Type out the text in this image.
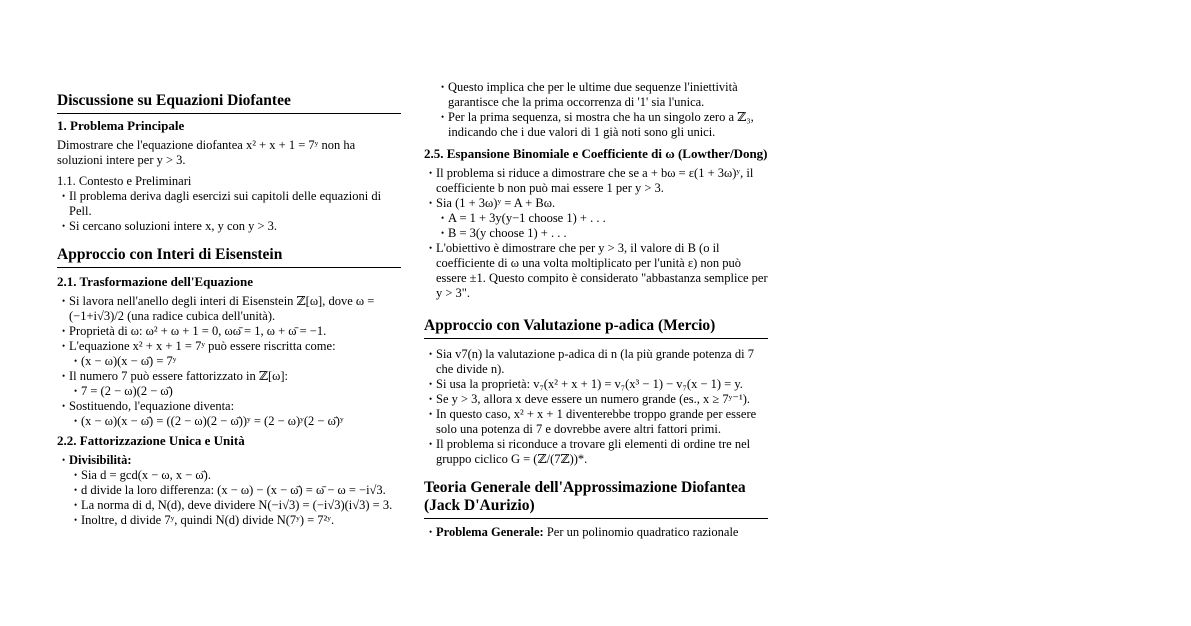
Discussione su Equazioni Diofantee
1. Problema Principale

Dimostrare che l'equazione diofantea x² + x + 1 = 7ʸ non ha soluzioni intere per y > 3.

1.1. Contesto e Preliminari

• Il problema deriva dagli esercizi sui capitoli delle equazioni di Pell.
• Si cercano soluzioni intere x, y con y > 3.
Approccio con Interi di Eisenstein
2.1. Trasformazione dell'Equazione
• Si lavora nell'anello degli interi di Eisenstein ℤ[ω], dove ω = (−1+i√3)/2 (una radice cubica dell'unità).
• Proprietà di ω: ω² + ω + 1 = 0, ωω̄ = 1, ω + ω̄ = −1.
• L'equazione x² + x + 1 = 7ʸ può essere riscritta come:
• (x − ω)(x − ω̄) = 7ʸ
• Il numero 7 può essere fattorizzato in ℤ[ω]:
• 7 = (2 − ω)(2 − ω̄)
• Sostituendo, l'equazione diventa:
• (x − ω)(x − ω̄) = ((2 − ω)(2 − ω̄))ʸ = (2 − ω)ʸ(2 − ω̄)ʸ
2.2. Fattorizzazione Unica e Unità
• Divisibilità:
• Sia d = gcd(x − ω, x − ω̄).
• d divide la loro differenza: (x − ω) − (x − ω̄) = ω̄ − ω = −i√3.
• La norma di d, N(d), deve dividere N(−i√3) = (−i√3)(i√3) = 3.
• Inoltre, d divide 7ʸ, quindi N(d) divide N(7ʸ) = 7²ʸ.
• Questo implica che per le ultime due sequenze l'iniettività garantisce che la prima occorrenza di '1' sia l'unica.
• Per la prima sequenza, si mostra che ha un singolo zero a ℤ₃, indicando che i due valori di 1 già noti sono gli unici.
2.5. Espansione Binomiale e Coefficiente di ω (Lowther/Dong)
• Il problema si riduce a dimostrare che se a + bω = ε(1 + 3ω)ʸ, il coefficiente b non può mai essere 1 per y > 3.
• Sia (1 + 3ω)ʸ = A + Bω.
• A = 1 + 3y(y−1 choose 1) + . . .
• B = 3(y choose 1) + . . .
• L'obiettivo è dimostrare che per y > 3, il valore di B (o il coefficiente di ω una volta moltiplicato per l'unità ε) non può essere ±1. Questo compito è considerato "abbastanza semplice per y > 3".
Approccio con Valutazione p-adica (Mercio)
• Sia v7(n) la valutazione p-adica di n (la più grande potenza di 7 che divide n).
• Si usa la proprietà: v₇(x² + x + 1) = v₇(x³ − 1) − v₇(x − 1) = y.
• Se y > 3, allora x deve essere un numero grande (es., x ≥ 7ʸ⁻¹).
• In questo caso, x² + x + 1 diventerebbe troppo grande per essere solo una potenza di 7 e dovrebbe avere altri fattori primi.
• Il problema si riconduce a trovare gli elementi di ordine tre nel gruppo ciclico G = (ℤ/(7ℤ))*.
Teoria Generale dell'Approssimazione Diofantea (Jack D'Aurizio)
• Problema Generale: Per un polinomio quadratico razionale
